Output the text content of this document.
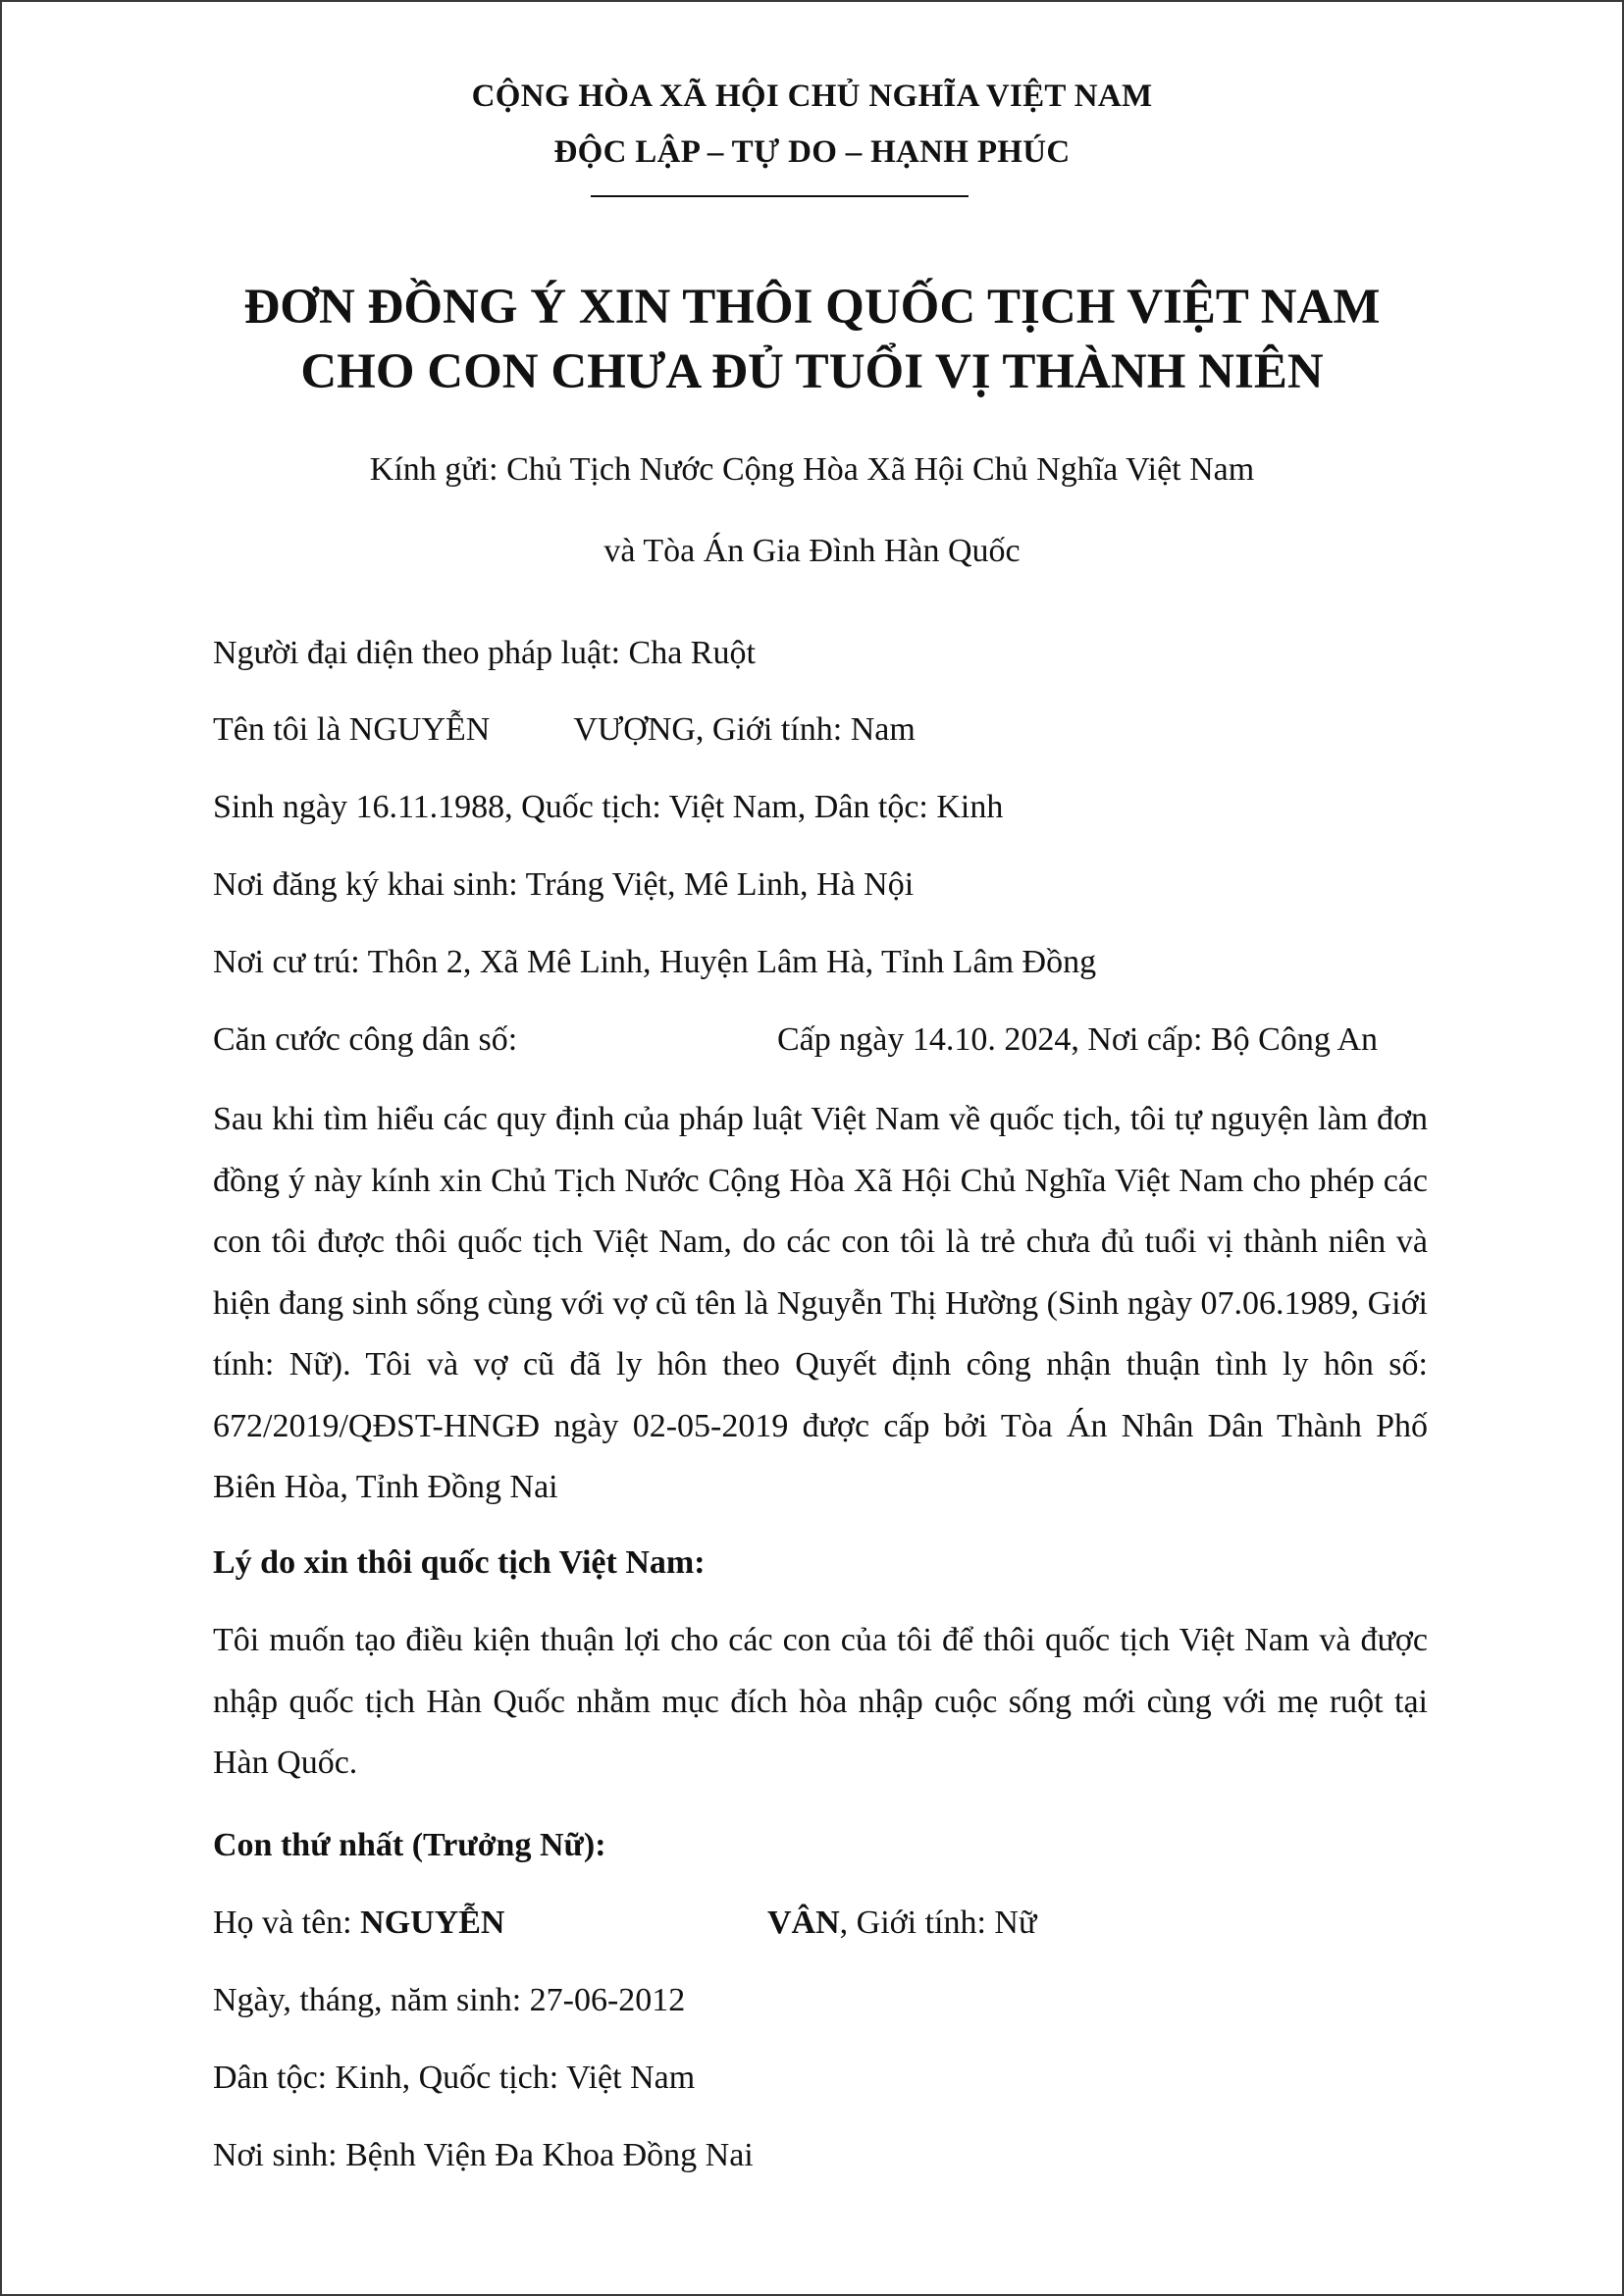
CỘNG HÒA XÃ HỘI CHỦ NGHĨA VIỆT NAM

ĐỘC LẬP – TỰ DO – HẠNH PHÚC

ĐƠN ĐỒNG Ý XIN THÔI QUỐC TỊCH VIỆT NAM

CHO CON CHƯA ĐỦ TUỔI VỊ THÀNH NIÊN

Kính gửi: Chủ Tịch Nước Cộng Hòa Xã Hội Chủ Nghĩa Việt Nam

và Tòa Án Gia Đình Hàn Quốc

Người đại diện theo pháp luật: Cha Ruột

Tên tôi là NGUYỄN	VƯỢNG, Giới tính: Nam

Sinh ngày 16.11.1988, Quốc tịch: Việt Nam, Dân tộc: Kinh

Nơi đăng ký khai sinh: Tráng Việt, Mê Linh, Hà Nội

Nơi cư trú: Thôn 2, Xã Mê Linh, Huyện Lâm Hà, Tỉnh Lâm Đồng

Căn cước công dân số:	Cấp ngày 14.10. 2024, Nơi cấp: Bộ Công An

Sau khi tìm hiểu các quy định của pháp luật Việt Nam về quốc tịch, tôi tự nguyện làm đơn đồng ý này kính xin Chủ Tịch Nước Cộng Hòa Xã Hội Chủ Nghĩa Việt Nam cho phép các con tôi được thôi quốc tịch Việt Nam, do các con tôi là trẻ chưa đủ tuổi vị thành niên và hiện đang sinh sống cùng với vợ cũ tên là Nguyễn Thị Hường (Sinh ngày 07.06.1989, Giới tính: Nữ). Tôi và vợ cũ đã ly hôn theo Quyết định công nhận thuận tình ly hôn số: 672/2019/QĐST-HNGĐ ngày 02-05-2019 được cấp bởi Tòa Án Nhân Dân Thành Phố Biên Hòa, Tỉnh Đồng Nai

Lý do xin thôi quốc tịch Việt Nam:

Tôi muốn tạo điều kiện thuận lợi cho các con của tôi để thôi quốc tịch Việt Nam và được nhập quốc tịch Hàn Quốc nhằm mục đích hòa nhập cuộc sống mới cùng với mẹ ruột tại Hàn Quốc.

Con thứ nhất (Trưởng Nữ):

Họ và tên: NGUYỄN	VÂN, Giới tính: Nữ

Ngày, tháng, năm sinh: 27-06-2012

Dân tộc: Kinh, Quốc tịch: Việt Nam

Nơi sinh: Bệnh Viện Đa Khoa Đồng Nai
